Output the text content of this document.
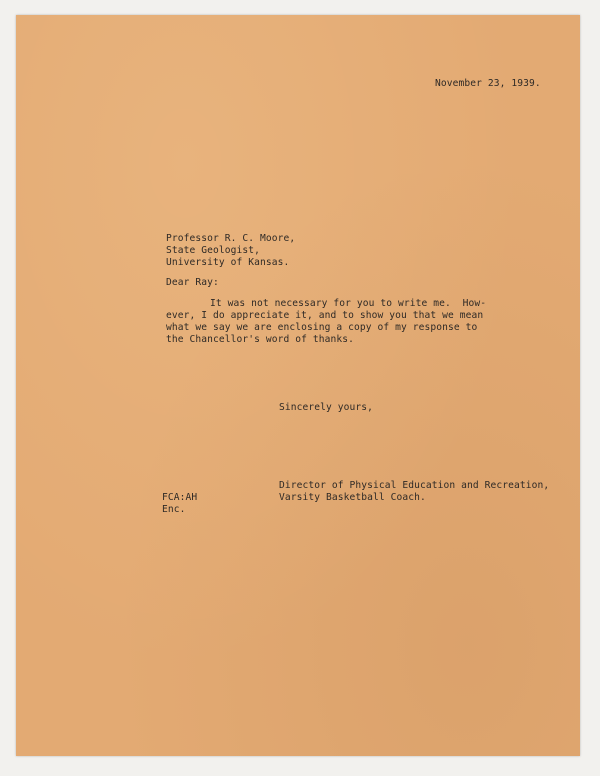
November 23, 1939.
Professor R. C. Moore,
State Geologist,
University of Kansas.
Dear Ray:
It was not necessary for you to write me.  How-
ever, I do appreciate it, and to show you that we mean
what we say we are enclosing a copy of my response to
the Chancellor's word of thanks.
Sincerely yours,
Director of Physical Education and Recreation,
Varsity Basketball Coach.
FCA:AH
Enc.
